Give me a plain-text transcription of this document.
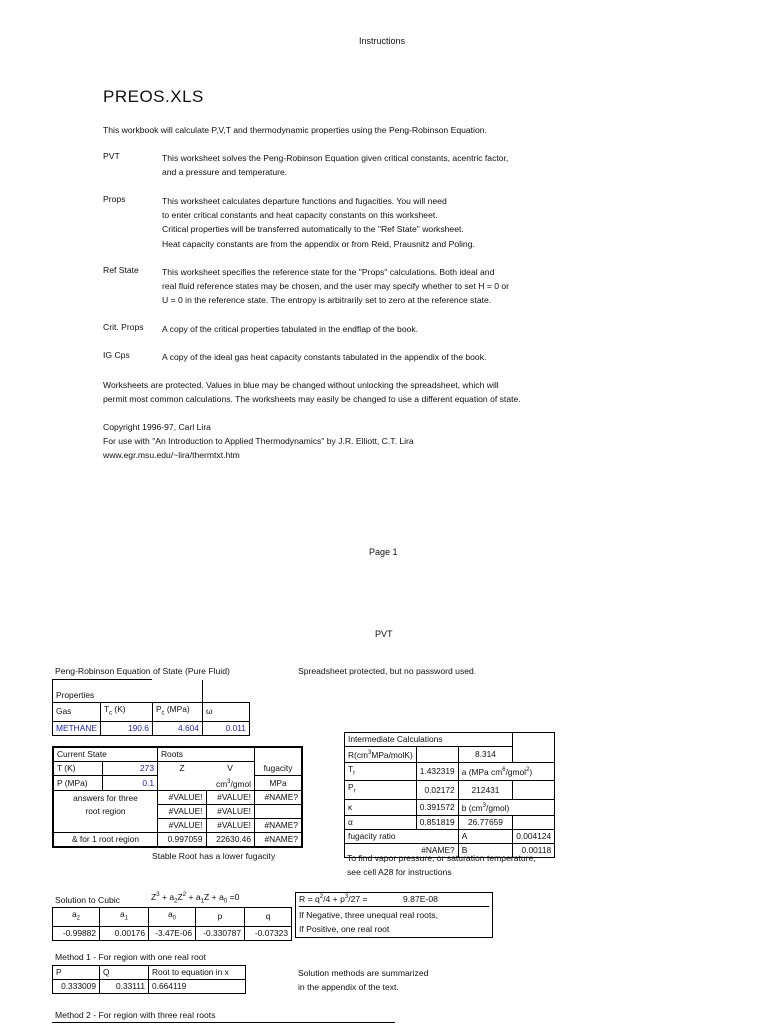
Instructions
PREOS.XLS
This workbook will calculate P,V,T and thermodynamic properties using the Peng-Robinson Equation.
PVT	This worksheet solves the Peng-Robinson Equation given critical constants, acentric factor,
and a pressure and temperature.
Props	This worksheet calculates departure functions and fugacities. You will need
to enter critical constants and heat capacity constants on this worksheet.
Critical properties will be transferred automatically to the "Ref State" worksheet.
Heat capacity constants are from the appendix or from Reid, Prausnitz and Poling.
Ref State	This worksheet specifies the reference state for the "Props" calculations. Both ideal and
real fluid reference states may be chosen, and the user may specify whether to set H = 0 or
U = 0 in the reference state. The entropy is arbitrarily set to zero at the reference state.
Crit. Props A copy of the critical properties tabulated in the endflap of the book.
IG Cps	A copy of the ideal gas heat capacity constants tabulated in the appendix of the book.
Worksheets are protected. Values in blue may be changed without unlocking the spreadsheet, which will
permit most common calculations. The worksheets may easily be changed to use a different equation of state.
Copyright 1996-97, Carl Lira
For use with "An Introduction to Applied Thermodynamics" by J.R. Elliott, C.T. Lira
www.egr.msu.edu/~lira/thermtxt.htm
Page 1
PVT
Peng-Robinson Equation of State (Pure Fluid)	Spreadsheet protected, but no password used.
Properties			
Gas	$T_c$ (K)	$P_c$ (MPa)	ω
METHANE	190.6	4.604	0.011
Current State		Roots		
T (K)	273	Z	V	fugacity
P (MPa)	0.1		$cm^3$/gmol	MPa
answers for three		#VALUE!	#VALUE!	#NAME?
root region		#VALUE!	#VALUE!	
		#VALUE!	#VALUE!	#NAME?
& for 1 root region		0.997059	22630.46	#NAME?
Stable Root has a lower fugacity
Intermediate Calculations			
$R(cm^3MPa/molK)$		8.314	
$T_r$	1.432319	a (MPa $cm^6/gmol^2$)	
$P_r$	0.02172	212431	
κ	0.391572	b $(cm^3/gmol)$	
α	0.851819	26.77659	
fugacity ratio		A	0.004124
#NAME?		B	0.00118
To find vapor pressure, or saturation temperature,
see cell A28 for instructions
Solution to Cubic	$Z^3 + a_2Z^2 + a_1Z + a_0 =0$
$a_2$	$a_1$	$a_0$	p	q
-0.99882	0.00176	-3.47E-06	-0.330787	-0.07323
$R = q^2/4 + p^3/27$ =	9.87E-08
If Negative, three unequal real roots,
If Positive, one real root
Method 1 - For region with one real root
P	Q	Root to equation in x
0.333009	0.33111	0.664119
Solution methods are summarized
in the appendix of the text.
Method 2 - For region with three real roots
